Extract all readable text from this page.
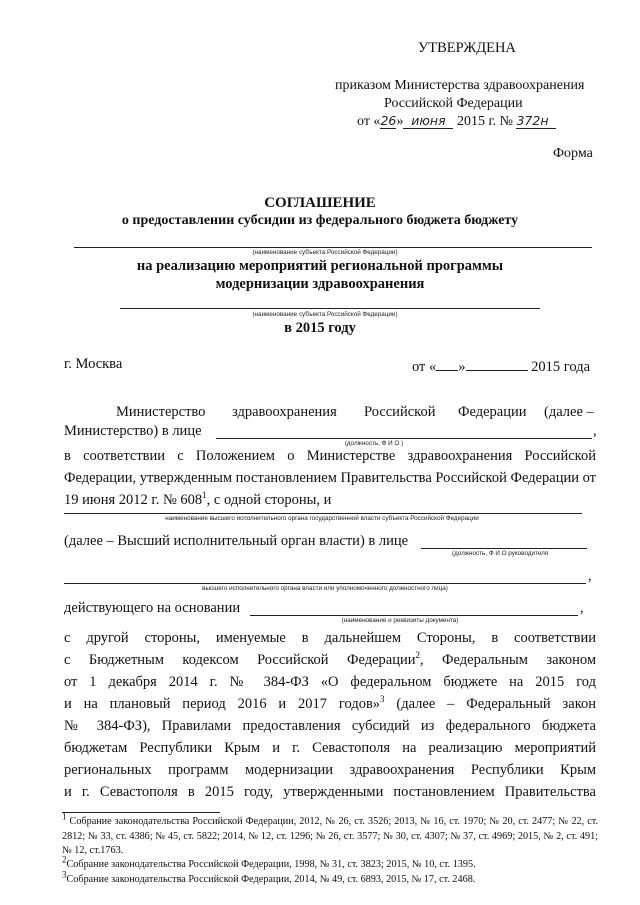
УТВЕРЖДЕНА
приказом Министерства здравоохранения
Российской Федерации
от «26» июня 2015 г. № 372н
Форма
СОГЛАШЕНИЕ
о предоставлении субсидии из федерального бюджета бюджету
(наименование субъекта Российской Федерации)
на реализацию мероприятий региональной программы
модернизации здравоохранения
(наименование субъекта Российской Федерации)
в 2015 году
г. Москва	от « »	2015 года
Министерство здравоохранения Российской Федерации (далее –
Министерство) в лице	,
(должность, Ф И О )
в соответствии с Положением о Министерстве здравоохранения Российской Федерации, утвержденным постановлением Правительства Российской Федерации от 19 июня 2012 г. № $608^1$, с одной стороны, и
наименование высшего исполнительного органа государственной власти субъекта Российской Федерации
(далее – Высший исполнительный орган власти) в лице
(должность, Ф И О руководителя
,
высшего исполнительного органа власти или уполномоченного должностного лица)
действующего на основании	,
(наименование и реквизиты документа)
с другой стороны, именуемые в дальнейшем Стороны, в соответствии
с Бюджетным кодексом Российской Федерации$^2$, Федеральным законом
от 1 декабря 2014 г. № 384-ФЗ «О федеральном бюджете на 2015 год
и на плановый период 2016 и 2017 годов»$^3$ (далее – Федеральный закон
№ 384-ФЗ), Правилами предоставления субсидий из федерального бюджета
бюджетам Республики Крым и г. Севастополя на реализацию мероприятий
региональных программ модернизации здравоохранения Республики Крым
и г. Севастополя в 2015 году, утвержденными постановлением Правительства
$^1$ Собрание законодательства Российской Федерации, 2012, № 26, ст. 3526; 2013, № 16, ст. 1970; № 20, ст. 2477; № 22, ст. 2812; № 33, ст. 4386; № 45, ст. 5822; 2014, № 12, ст. 1296; № 26, ст. 3577; № 30, ст. 4307; № 37, ст. 4969; 2015, № 2, ст. 491; № 12, ст.1763.
$^2$Собрание законодательства Российской Федерации, 1998, № 31, ст. 3823; 2015, № 10, ст. 1395.
$^3$Собрание законодательства Российской Федерации, 2014, № 49, ст. 6893, 2015, № 17, ст. 2468.
